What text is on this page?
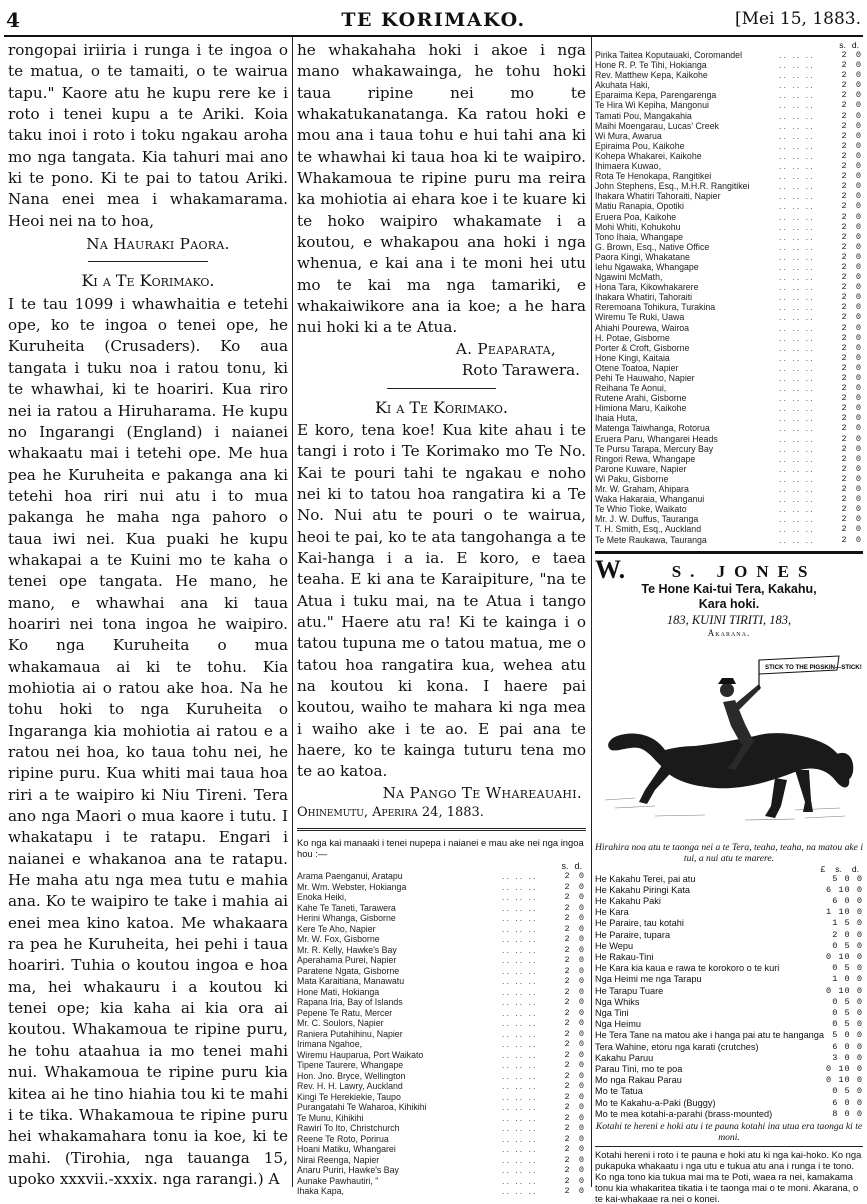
4	TE KORIMAKO.	[Mei 15, 1883.

rongopai iriiria i runga i te ingoa o te matua, o te tamaiti, o te wairua tapu." Kaore atu he kupu rere ke i roto i tenei kupu a te Ariki. Koia taku inoi i roto i toku ngakau aroha mo nga tangata. Kia tahuri mai ano ki te pono. Ki te pai to tatou Ariki. Nana enei mea i whakamarama. Heoi nei na to hoa,

Na Hauraki Paora.

Ki a Te Korimako.

I te tau 1099 i whawhaitia e tetehi ope, ko te ingoa o tenei ope, he Kuruheita (Crusaders). Ko aua tangata i tuku noa i ratou tonu, ki te whawhai, ki te hoariri. Kua riro nei ia ratou a Hiruharama. He kupu no Ingarangi (England) i naianei whakaatu mai i tetehi ope. Me hua pea he Kuruheita e pakanga ana ki tetehi hoa riri nui atu i to mua pakanga he maha nga pahoro o taua iwi nei. Kua puaki he kupu whakapai a te Kuini mo te kaha o tenei ope tangata. He mano, he mano, e whawhai ana ki taua hoariri nei tona ingoa he waipiro. Ko nga Kuruheita o mua whakamaua ai ki te tohu. Kia mohiotia ai o ratou ake hoa. Na he tohu hoki to nga Kuruheita o Ingaranga kia mohiotia ai ratou e a ratou nei hoa, ko taua tohu nei, he ripine puru. Kua whiti mai taua hoa riri a te waipiro ki Niu Tireni. Tera ano nga Maori o mua kaore i tutu. I whakatapu i te ratapu. Engari i naianei e whakanoa ana te ratapu. He maha atu nga mea tutu e mahia ana. Ko te waipiro te take i mahia ai enei mea kino katoa. Me whakaara ra pea he Kuruheita, hei pehi i taua hoariri. Tuhia o koutou ingoa e hoa ma, hei whakauru i a koutou ki tenei ope; kia kaha ai kia ora ai koutou. Whakamoua te ripine puru, he tohu ataahua ia mo tenei mahi nui. Whakamoua te ripine puru kia kitea ai he tino hiahia tou ki te mahi i te tika. Whakamoua te ripine puru hei whakamahara tonu ia koe, ki te mahi. (Tirohia, nga tauanga 15, upoko xxxvii.-xxxix. nga rarangi.) A

he whakahaha hoki i akoe i nga mano whakawainga, he tohu hoki taua ripine nei mo te whakatukanatanga. Ka ratou hoki e mou ana i taua tohu e hui tahi ana ki te whawhai ki taua hoa ki te waipiro. Whakamoua te ripine puru ma reira ka mohiotia ai ehara koe i te kuare ki te hoko waipiro whakamate i a koutou, e whakapou ana hoki i nga whenua, e kai ana i te moni hei utu mo te kai ma nga tamariki, e whakaiwikore ana ia koe; a he hara nui hoki ki a te Atua.

A. Peaparata,

Roto Tarawera.

Ki a Te Korimako.

E koro, tena koe! Kua kite ahau i te tangi i roto i Te Korimako mo Te No. Kai te pouri tahi te ngakau e noho nei ki to tatou hoa rangatira ki a Te No. Nui atu te pouri o te wairua, heoi te pai, ko te ata tangohanga a te Kai-hanga i a ia. E koro, e taea teaha. E ki ana te Karaipiture, "na te Atua i tuku mai, na te Atua i tango atu." Haere atu ra! Ki te kainga i o tatou tupuna me o tatou matua, me o tatou hoa rangatira kua, wehea atu na koutou ki kona. I haere pai koutou, waiho te mahara ki nga mea i waiho ake i te ao. E pai ana te haere, ko te kainga tuturu tena mo te ao katoa.

Na Pango Te Whareauahi.

Ohinemutu, Aperira 24, 1883.

Ko nga kai manaaki i tenei nupepa i naianei e mau ake nei nga ingoa hou :—
s. d.
Arama Paenganui, Aratapu	.. .. ..	2 0
Mr. Wm. Webster, Hokianga	.. .. ..	2 0
Enoka Heiki,	.. .. ..	2 0
Kahe Te Taneti, Tarawera	.. .. ..	2 0
Herini Whanga, Gisborne	.. .. ..	2 0
Kere Te Aho, Napier	.. .. ..	2 0
Mr. W. Fox, Gisborne	.. .. ..	2 0
Mr. R. Kelly, Hawke's Bay	.. .. ..	2 0
Aperahama Purei, Napier	.. .. ..	2 0
Paratene Ngata, Gisborne	.. .. ..	2 0
Mata Karaitiana, Manawatu	.. .. ..	2 0
Hone Mati, Hokianga	.. .. ..	2 0
Rapana Iria, Bay of Islands	.. .. ..	2 0
Pepene Te Ratu, Mercer	.. .. ..	2 0
Mr. C. Soulors, Napier	.. .. ..	2 0
Raniera Putahihinu, Napier	.. .. ..	2 0
Irimana Ngahoe,	.. .. ..	2 0
Wiremu Hauparua, Port Waikato	.. .. ..	2 0
Tipene Taurere, Whangape	.. .. ..	2 0
Hon. Jno. Bryce, Wellington	.. .. ..	2 0
Rev. H. H. Lawry, Auckland	.. .. ..	2 0
Kingi Te Herekiekie, Taupo	.. .. ..	2 0
Purangatahi Te Waharoa, Kihikihi	.. .. ..	2 0
Te Munu, Kihikihi	.. .. ..	2 0
Rawiri To Ito, Christchurch	.. .. ..	2 0
Reene Te Roto, Porirua	.. .. ..	2 0
Hoani Matiku, Whangarei	.. .. ..	2 0
Nirai Reenga, Napier	.. .. ..	2 0
Anaru Puriri, Hawke's Bay	.. .. ..	2 0
Aunake Pawhautiri, "	.. .. ..	2 0
Ihaka Kapa,	.. .. ..	2 0
s. d.
Pirika Taitea Koputauaki, Coromandel	.. .. ..	2 0
Hone R. P. Te Tihi, Hokianga	.. .. ..	2 0
Rev. Matthew Kepa, Kaikohe	.. .. ..	2 0
Akuhata Haki,	.. .. ..	2 0
Eparaima Kepa, Parengarenga	.. .. ..	2 0
Te Hira Wi Kepiha, Mangonui	.. .. ..	2 0
Tamati Pou, Mangakahia	.. .. ..	2 0
Maihi Moengarau, Lucas' Creek	.. .. ..	2 0
Wi Mura, Awarua	.. .. ..	2 0
Epiraima Pou, Kaikohe	.. .. ..	2 0
Kohepa Whakarei, Kaikohe	.. .. ..	2 0
Ihimaera Kuwao,	.. .. ..	2 0
Rota Te Henokapa, Rangitikei	.. .. ..	2 0
John Stephens, Esq., M.H.R. Rangitikei	.. .. ..	2 0
Ihakara Whatiri Tahoraiti, Napier	.. .. ..	2 0
Matiu Ranapia, Opotiki	.. .. ..	2 0
Eruera Poa, Kaikohe	.. .. ..	2 0
Mohi Whiti, Kohukohu	.. .. ..	2 0
Tono Ihaia, Whangape	.. .. ..	2 0
G. Brown, Esq., Native Office	.. .. ..	2 0
Paora Kingi, Whakatane	.. .. ..	2 0
Iehu Ngawaka, Whangape	.. .. ..	2 0
Ngawini McMath,	.. .. ..	2 0
Hona Tara, Kikowhakarere	.. .. ..	2 0
Ihakara Whatiri, Tahoraiti	.. .. ..	2 0
Reremoana Tohikura, Turakina	.. .. ..	2 0
Wiremu Te Ruki, Uawa	.. .. ..	2 0
Ahiahi Pourewa, Wairoa	.. .. ..	2 0
H. Potae, Gisborne	.. .. ..	2 0
Porter & Croft, Gisborne	.. .. ..	2 0
Hone Kingi, Kaitaia	.. .. ..	2 0
Otene Toatoa, Napier	.. .. ..	2 0
Pehi Te Hauwaho, Napier	.. .. ..	2 0
Reihana Te Aonui,	.. .. ..	2 0
Rutene Arahi, Gisborne	.. .. ..	2 0
Himiona Maru, Kaikohe	.. .. ..	2 0
Ihaia Huta,	.. .. ..	2 0
Matenga Taiwhanga, Rotorua	.. .. ..	2 0
Eruera Paru, Whangarei Heads	.. .. ..	2 0
Te Pursu Tarapa, Mercury Bay	.. .. ..	2 0
Ringori Rewa, Whangape	.. .. ..	2 0
Parone Kuware, Napier	.. .. ..	2 0
Wi Paku, Gisborne	.. .. ..	2 0
Mr. W. Graham, Ahipara	.. .. ..	2 0
Waka Hakaraia, Whanganui	.. .. ..	2 0
Te Whio Tioke, Waikato	.. .. ..	2 0
Mr. J. W. Duffus, Tauranga	.. .. ..	2 0
T. H. Smith, Esq., Auckland	.. .. ..	2 0
Te Mete Raukawa, Tauranga	.. .. ..	2 0
W.	S. JONES
Te Hone Kai-tui Tera, Kakahu,
Kara hoki.
183, KUINI TIRITI, 183,
Akarana.
STICK TO THE PIGSKIN—STICK!
Hirahira noa atu te taonga nei a te Tera, teaha, teaha, na matou ake i tui, a nui atu te marere.
£ s. d.
He Kakahu Terei, pai atu	5 0 0
He Kakahu Piringi Kata	6 10 0
He Kakahu Paki	6 0 0
He Kara	1 10 0
He Paraire, tau kotahi	1 5 0
He Paraire, tupara	2 0 0
He Wepu	0 5 0
He Rakau-Tini	0 10 0
He Kara kia kaua e rawa te korokoro o te kuri	0 5 0
Nga Heimi me nga Tarapu	1 0 0
He Tarapu Tuare	0 10 0
Nga Whiks	0 5 0
Nga Tini	0 5 0
Nga Heimu	0 5 0
He Tera Tane na matou ake i hanga pai atu te hanganga 5 0 0
Tera Wahine, etoru nga karati (crutches)	6 0 0
Kakahu Paruu	3 0 0
Parau Tini, mo te poa	0 10 0
Mo nga Rakau Parau	0 10 0
Mo te Tatua	0 5 0
Mo te Kakahu-a-Paki (Buggy)	6 0 0
Mo te mea kotahi-a-parahi (brass-mounted)	8 0 0
Kotahi te hereni e hoki atu i te pauna kotahi ina utua era taonga ki te moni.
Kotahi hereni i roto i te pauna e hoki atu ki nga kai-hoko. Ko nga pukapuka whakaatu i nga utu e tukua atu ana i runga i te tono. Ko nga tono kia tukua mai ma te Poti, waea ra nei, kamakama tonu kia whakaritea tikatia i te taonga mai o te moni. Akarana, o te kai-whakaae ra nei o konei.
